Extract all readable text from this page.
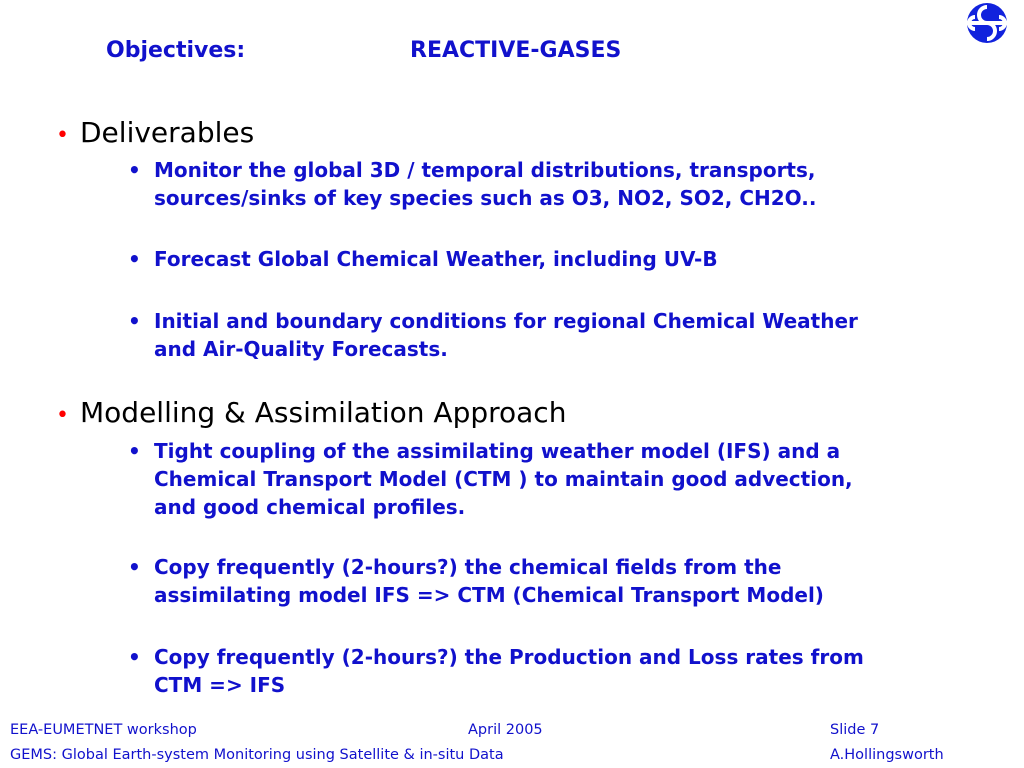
Objectives:	REACTIVE-GASES
• Deliverables
• Monitor the global 3D / temporal distributions, transports,
sources/sinks of key species such as O3, NO2, SO2, CH2O..
• Forecast Global Chemical Weather, including UV-B
• Initial and boundary conditions for regional Chemical Weather
and Air-Quality Forecasts.
• Modelling & Assimilation Approach
• Tight coupling of the assimilating weather model (IFS) and a
Chemical Transport Model (CTM ) to maintain good advection,
and good chemical profiles.
• Copy frequently (2-hours?) the chemical fields from the
assimilating model IFS => CTM (Chemical Transport Model)
• Copy frequently (2-hours?) the Production and Loss rates from
CTM => IFS
EEA-EUMETNET workshop	April 2005	Slide 7
GEMS: Global Earth-system Monitoring using Satellite & in-situ Data	A.Hollingsworth
